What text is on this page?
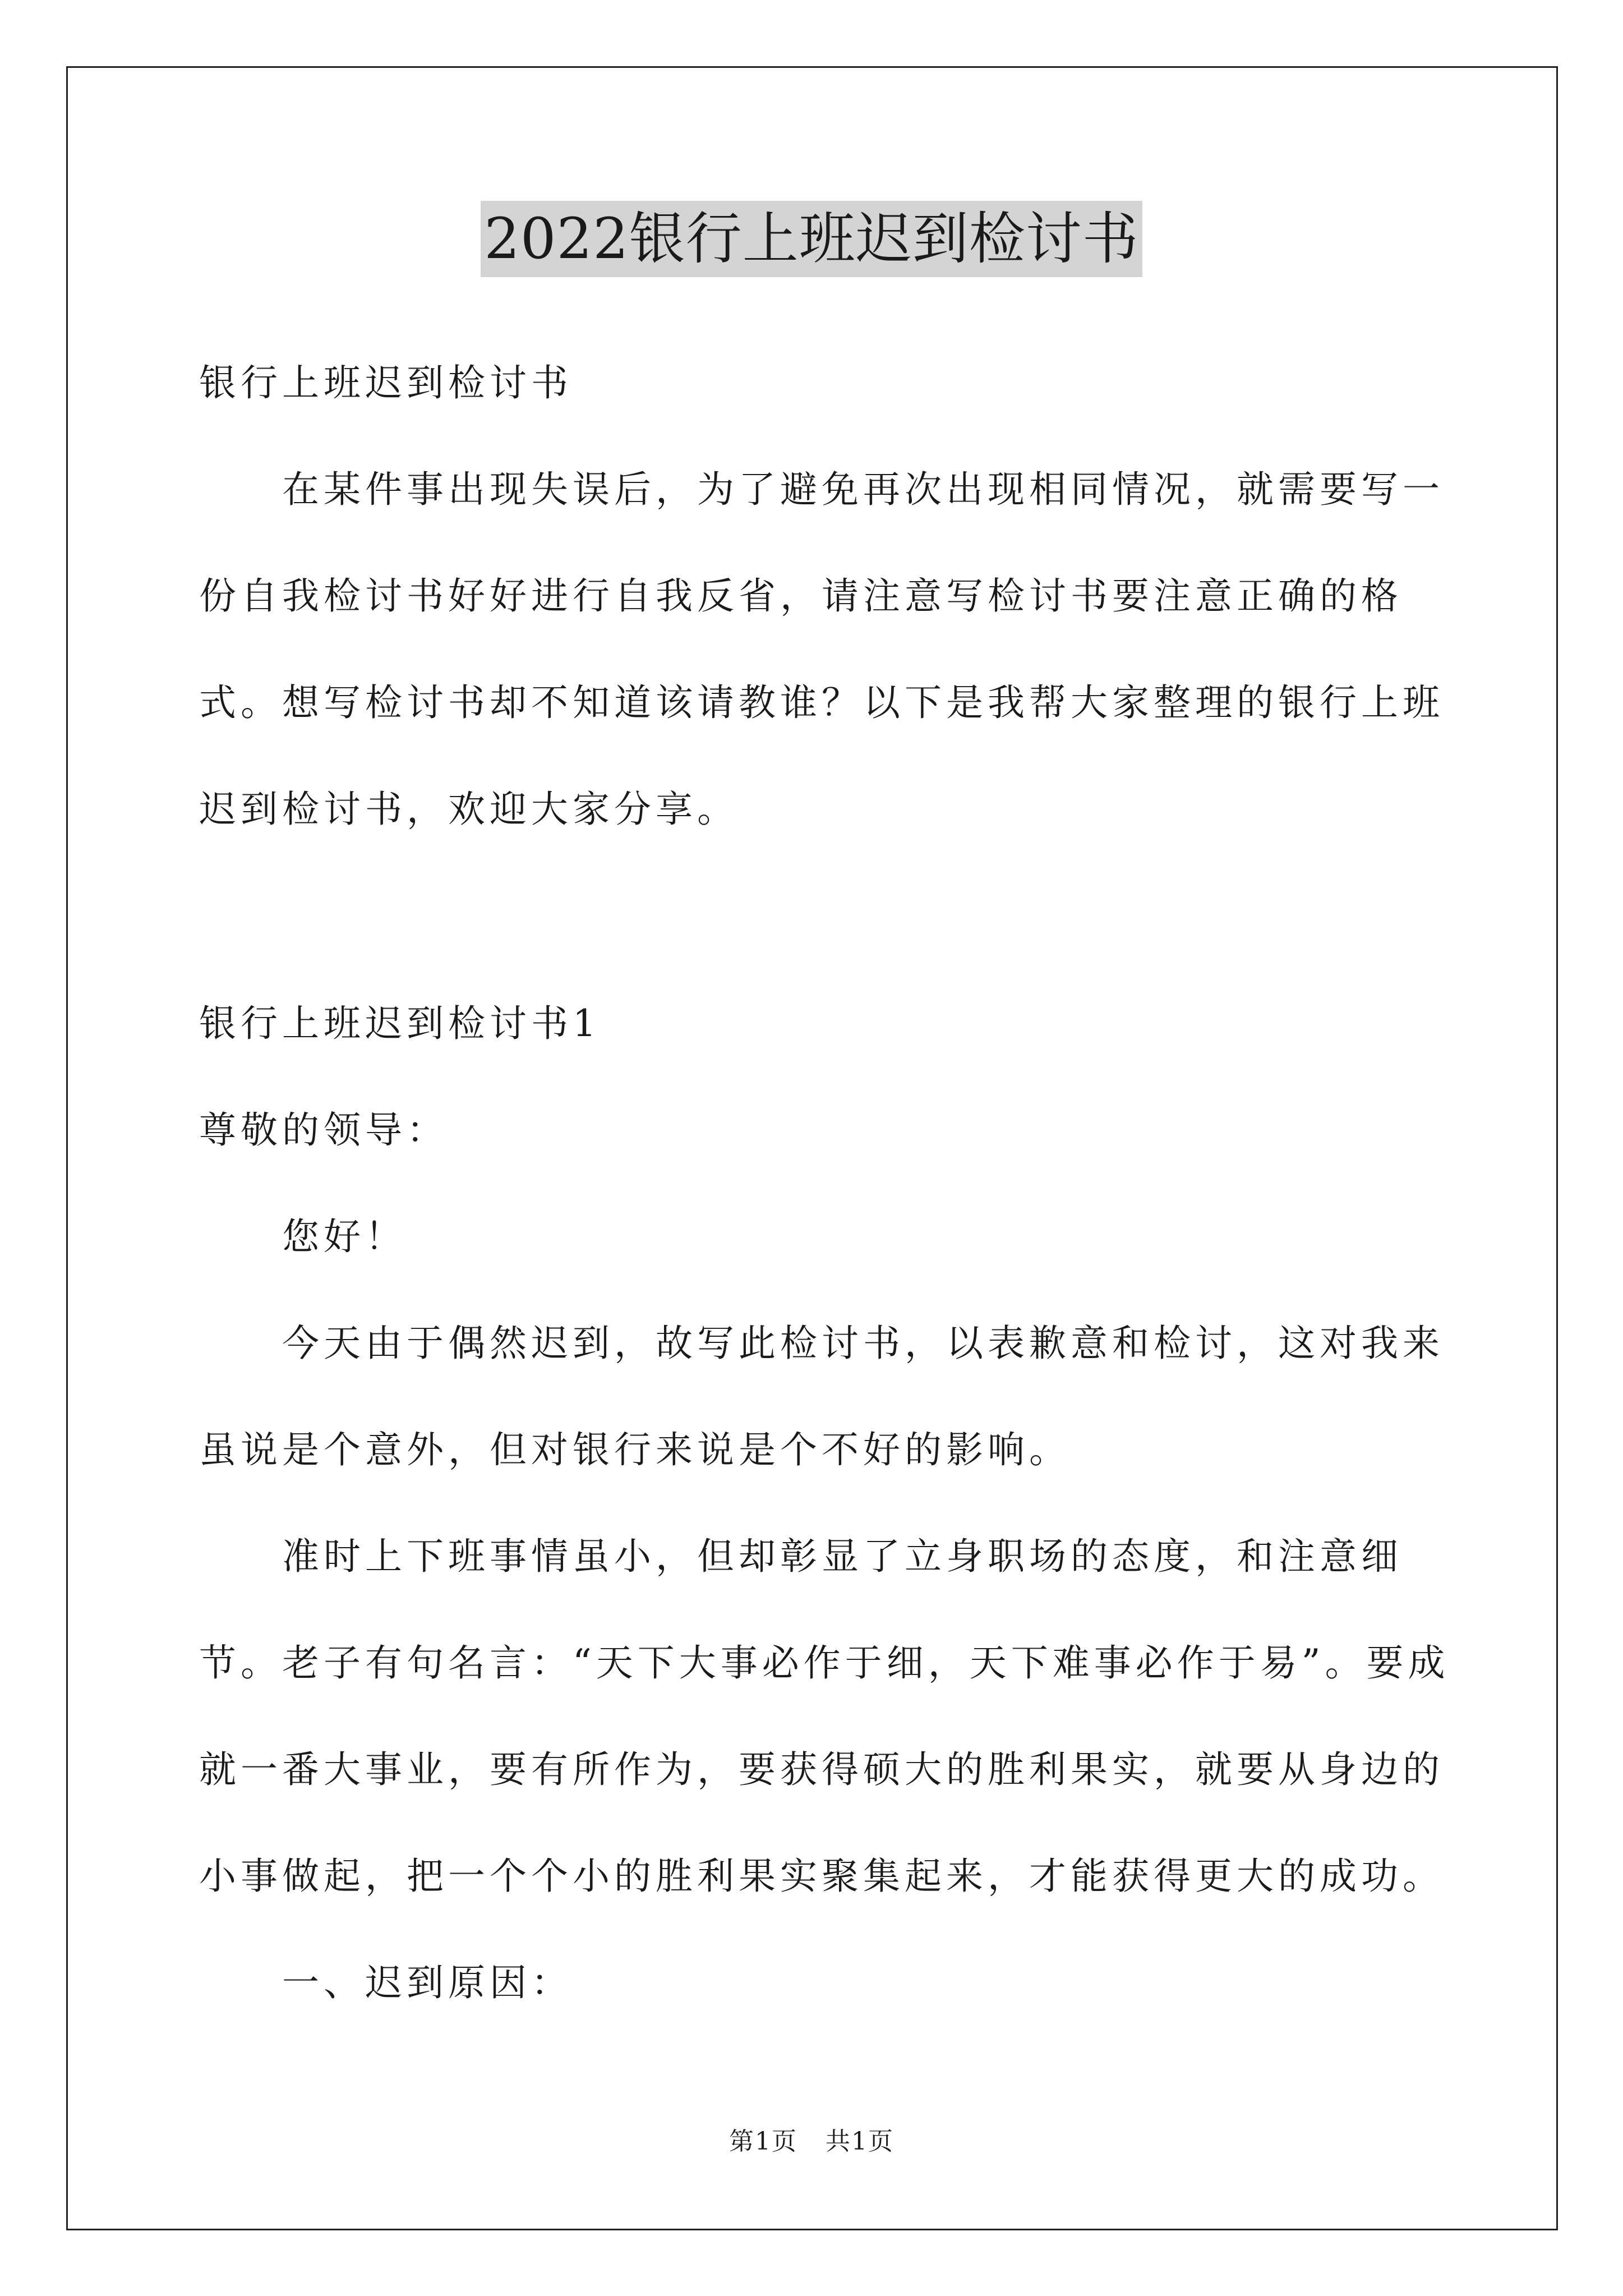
2022银行上班迟到检讨书

银行上班迟到检讨书

在某件事出现失误后，为了避免再次出现相同情况，就需要写一份自我检讨书好好进行自我反省，请注意写检讨书要注意正确的格式。想写检讨书却不知道该请教谁？以下是我帮大家整理的银行上班迟到检讨书，欢迎大家分享。

银行上班迟到检讨书1

尊敬的领导：

您好！

今天由于偶然迟到，故写此检讨书，以表歉意和检讨，这对我来虽说是个意外，但对银行来说是个不好的影响。

准时上下班事情虽小，但却彰显了立身职场的态度，和注意细节。 老子有句名言：“天下大事必作于细，天下难事必作于易”。要成就一番大事业，要有所作为，要获得硕大的胜利果实，就要从身边的小事做起，把一个个小的胜利果实聚集起来，才能获得更大的成功。

一、迟到原因：

第1页 共1页
